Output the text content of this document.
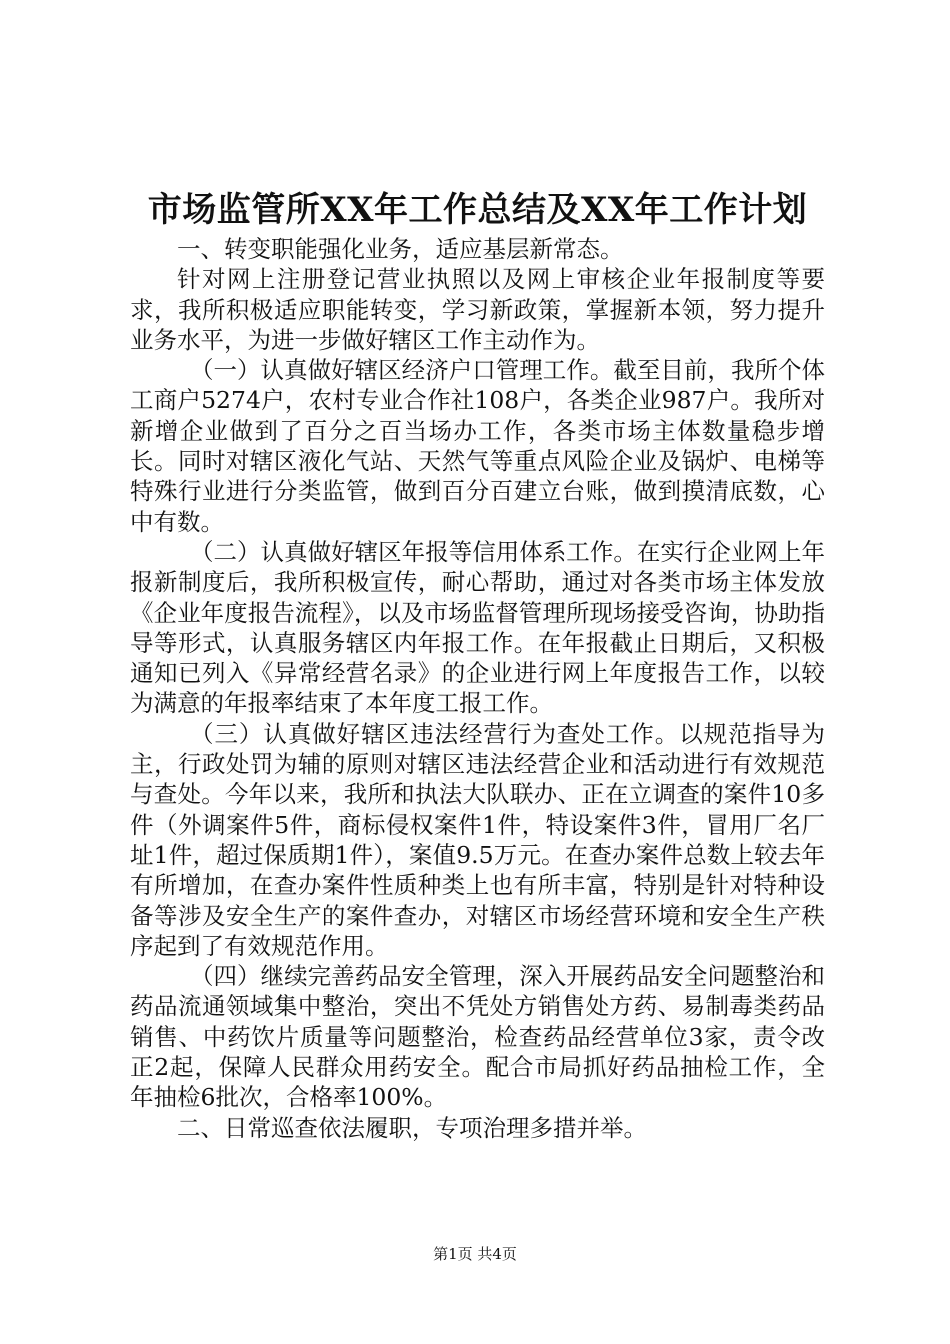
市场监管所XX年工作总结及XX年工作计划

一、转变职能强化业务，适应基层新常态。

针对网上注册登记营业执照以及网上审核企业年报制度等要求，我所积极适应职能转变，学习新政策，掌握新本领，努力提升业务水平，为进一步做好辖区工作主动作为。

（一）认真做好辖区经济户口管理工作。截至目前，我所个体工商户5274户，农村专业合作社108户，各类企业987户。我所对新增企业做到了百分之百当场办工作，各类市场主体数量稳步增长。同时对辖区液化气站、天然气等重点风险企业及锅炉、电梯等特殊行业进行分类监管，做到百分百建立台账，做到摸清底数，心中有数。

（二）认真做好辖区年报等信用体系工作。在实行企业网上年报新制度后，我所积极宣传，耐心帮助，通过对各类市场主体发放《企业年度报告流程》，以及市场监督管理所现场接受咨询，协助指导等形式，认真服务辖区内年报工作。在年报截止日期后，又积极通知已列入《异常经营名录》的企业进行网上年度报告工作，以较为满意的年报率结束了本年度工报工作。

（三）认真做好辖区违法经营行为查处工作。以规范指导为主，行政处罚为辅的原则对辖区违法经营企业和活动进行有效规范与查处。今年以来，我所和执法大队联办、正在立调查的案件10多件（外调案件5件，商标侵权案件1件，特设案件3件，冒用厂名厂址1件，超过保质期1件），案值9.5万元。在查办案件总数上较去年有所增加，在查办案件性质种类上也有所丰富，特别是针对特种设备等涉及安全生产的案件查办，对辖区市场经营环境和安全生产秩序起到了有效规范作用。

（四）继续完善药品安全管理，深入开展药品安全问题整治和药品流通领域集中整治，突出不凭处方销售处方药、易制毒类药品销售、中药饮片质量等问题整治，检查药品经营单位3家，责令改正2起，保障人民群众用药安全。配合市局抓好药品抽检工作，全年抽检6批次，合格率100%。

二、日常巡查依法履职，专项治理多措并举。

第1页 共4页
